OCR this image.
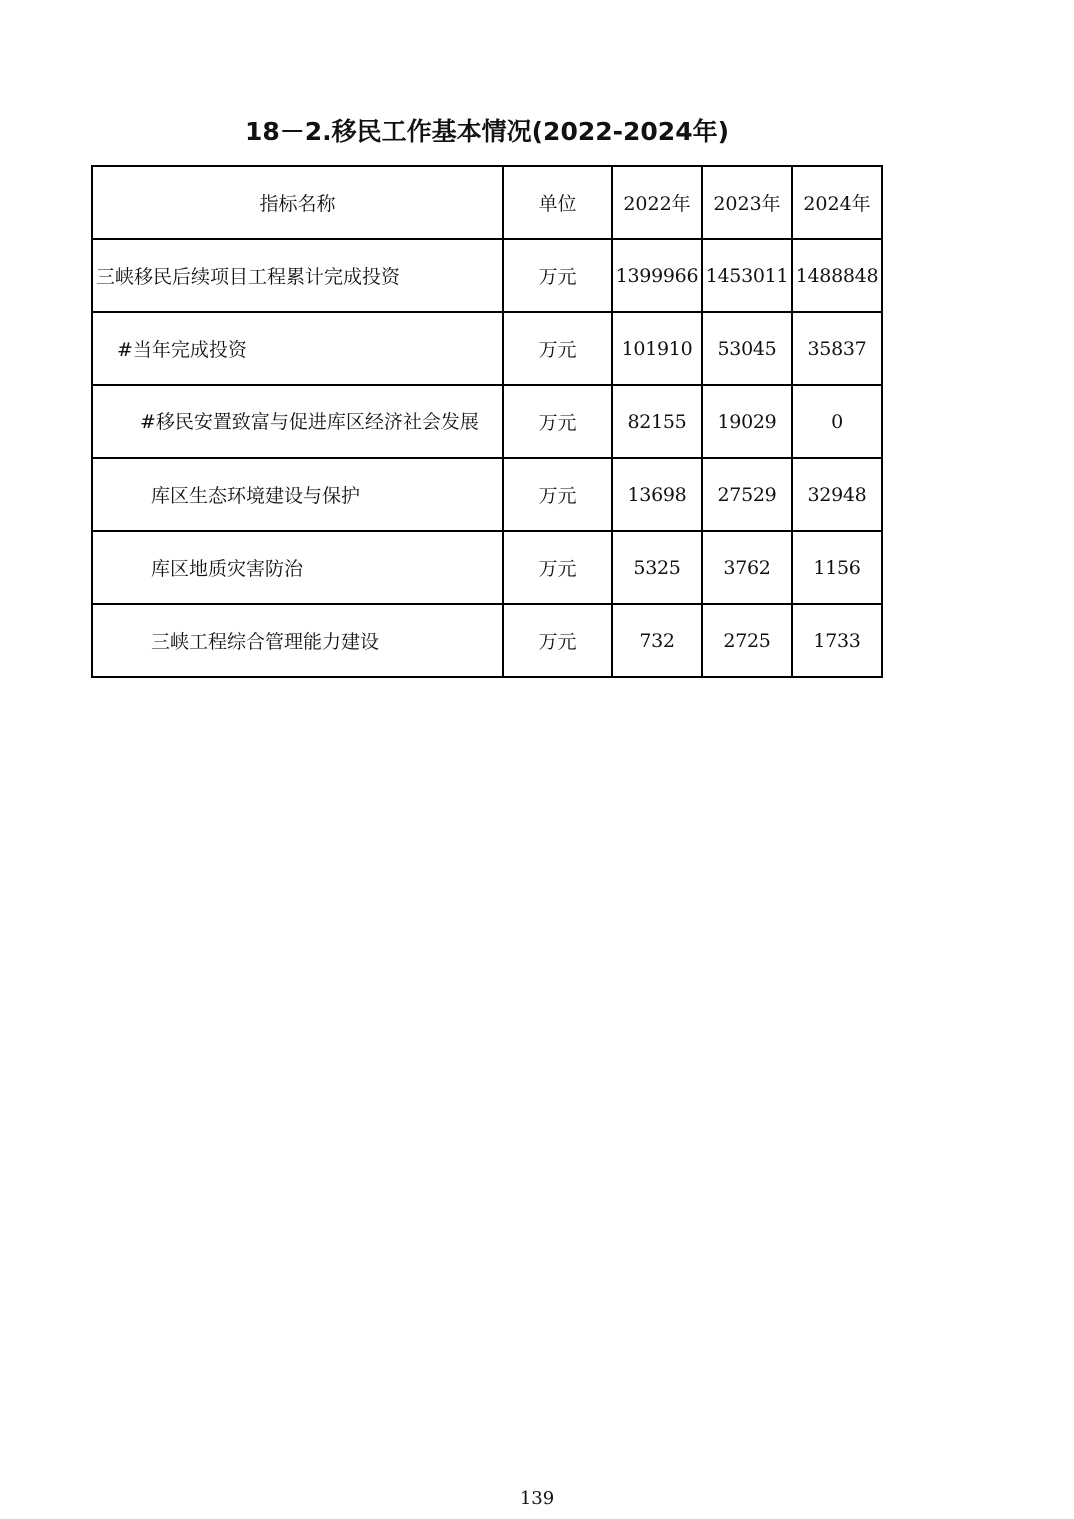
18－2.移民工作基本情况(2022-2024年)
指标名称	单位	2022年	2023年	2024年
三峡移民后续项目工程累计完成投资	万元	1399966	1453011	1488848
#当年完成投资	万元	101910	53045	35837
#移民安置致富与促进库区经济社会发展	万元	82155	19029	0
库区生态环境建设与保护	万元	13698	27529	32948
库区地质灾害防治	万元	5325	3762	1156
三峡工程综合管理能力建设	万元	732	2725	1733
139
